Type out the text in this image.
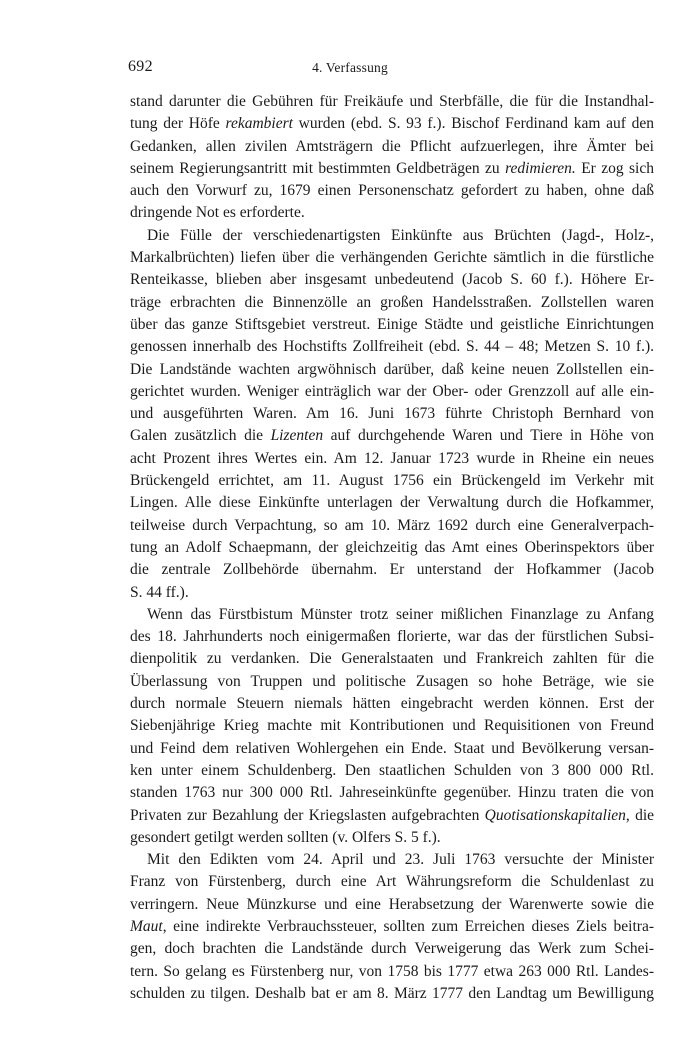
692	4. Verfassung
stand darunter die Gebühren für Freikäufe und Sterbfälle, die für die Instandhal-
tung der Höfe rekambiert wurden (ebd. S. 93 f.). Bischof Ferdinand kam auf den
Gedanken, allen zivilen Amtsträgern die Pflicht aufzuerlegen, ihre Ämter bei
seinem Regierungsantritt mit bestimmten Geldbeträgen zu redimieren. Er zog sich
auch den Vorwurf zu, 1679 einen Personenschatz gefordert zu haben, ohne daß
dringende Not es erforderte.
Die Fülle der verschiedenartigsten Einkünfte aus Brüchten (Jagd-, Holz-,
Markalbrüchten) liefen über die verhängenden Gerichte sämtlich in die fürstliche
Renteikasse, blieben aber insgesamt unbedeutend (Jacob S. 60 f.). Höhere Er-
träge erbrachten die Binnenzölle an großen Handelsstraßen. Zollstellen waren
über das ganze Stiftsgebiet verstreut. Einige Städte und geistliche Einrichtungen
genossen innerhalb des Hochstifts Zollfreiheit (ebd. S. 44 – 48; Metzen S. 10 f.).
Die Landstände wachten argwöhnisch darüber, daß keine neuen Zollstellen ein-
gerichtet wurden. Weniger einträglich war der Ober- oder Grenzzoll auf alle ein-
und ausgeführten Waren. Am 16. Juni 1673 führte Christoph Bernhard von
Galen zusätzlich die Lizenten auf durchgehende Waren und Tiere in Höhe von
acht Prozent ihres Wertes ein. Am 12. Januar 1723 wurde in Rheine ein neues
Brückengeld errichtet, am 11. August 1756 ein Brückengeld im Verkehr mit
Lingen. Alle diese Einkünfte unterlagen der Verwaltung durch die Hofkammer,
teilweise durch Verpachtung, so am 10. März 1692 durch eine Generalverpach-
tung an Adolf Schaepmann, der gleichzeitig das Amt eines Oberinspektors über
die zentrale Zollbehörde übernahm. Er unterstand der Hofkammer (Jacob
S. 44 ff.).
Wenn das Fürstbistum Münster trotz seiner mißlichen Finanzlage zu Anfang
des 18. Jahrhunderts noch einigermaßen florierte, war das der fürstlichen Subsi-
dienpolitik zu verdanken. Die Generalstaaten und Frankreich zahlten für die
Überlassung von Truppen und politische Zusagen so hohe Beträge, wie sie
durch normale Steuern niemals hätten eingebracht werden können. Erst der
Siebenjährige Krieg machte mit Kontributionen und Requisitionen von Freund
und Feind dem relativen Wohlergehen ein Ende. Staat und Bevölkerung versan-
ken unter einem Schuldenberg. Den staatlichen Schulden von 3 800 000 Rtl.
standen 1763 nur 300 000 Rtl. Jahreseinkünfte gegenüber. Hinzu traten die von
Privaten zur Bezahlung der Kriegslasten aufgebrachten Quotisationskapitalien, die
gesondert getilgt werden sollten (v. Olfers S. 5 f.).
Mit den Edikten vom 24. April und 23. Juli 1763 versuchte der Minister
Franz von Fürstenberg, durch eine Art Währungsreform die Schuldenlast zu
verringern. Neue Münzkurse und eine Herabsetzung der Warenwerte sowie die
Maut, eine indirekte Verbrauchssteuer, sollten zum Erreichen dieses Ziels beitra-
gen, doch brachten die Landstände durch Verweigerung das Werk zum Schei-
tern. So gelang es Fürstenberg nur, von 1758 bis 1777 etwa 263 000 Rtl. Landes-
schulden zu tilgen. Deshalb bat er am 8. März 1777 den Landtag um Bewilligung
